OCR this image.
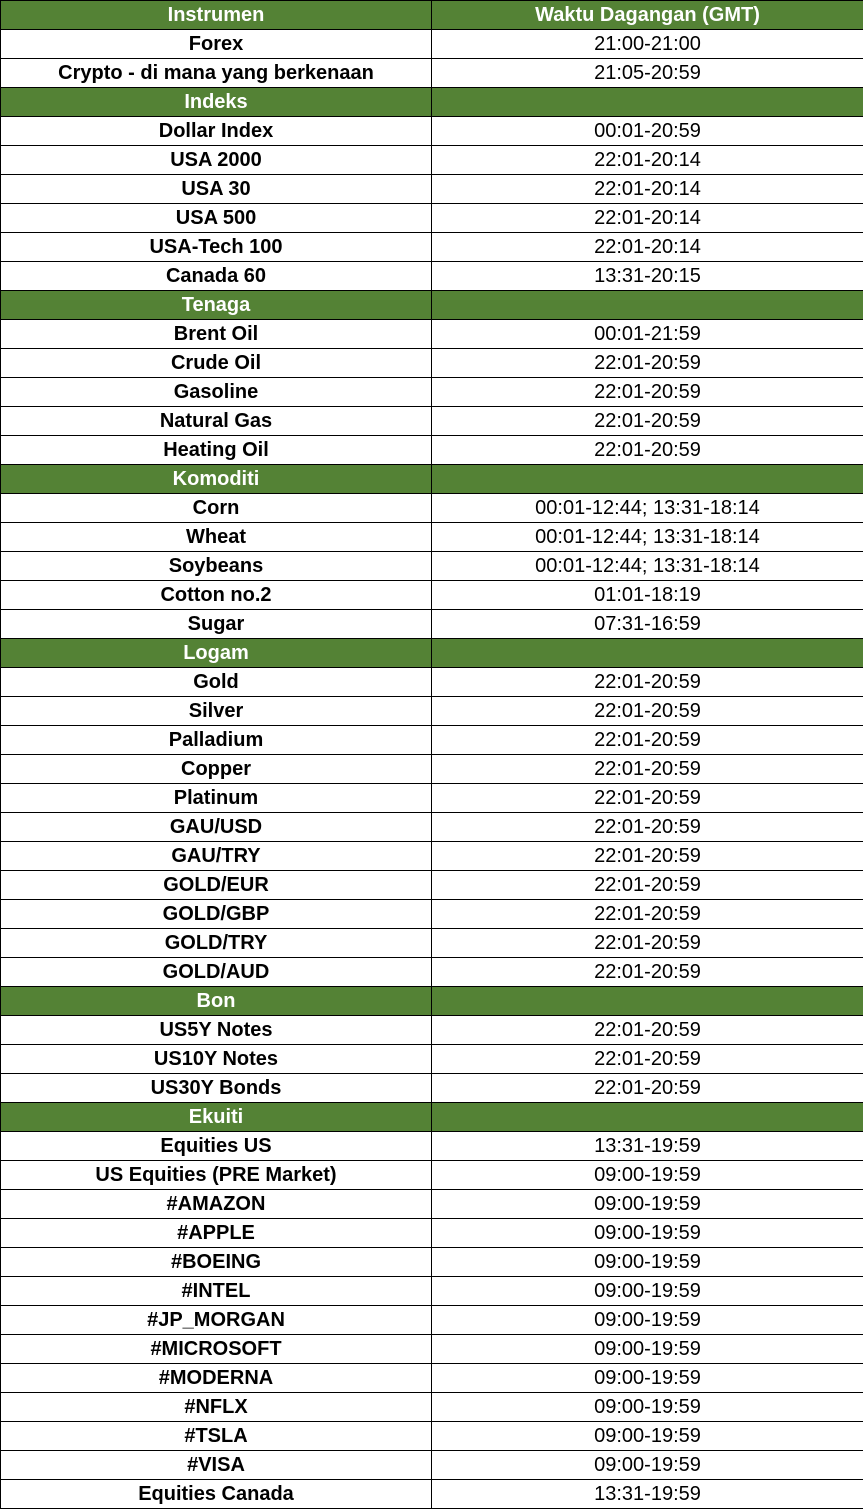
Instrumen	Waktu Dagangan (GMT)
Forex	21:00-21:00
Crypto - di mana yang berkenaan	21:05-20:59
Indeks	
Dollar Index	00:01-20:59
USA 2000	22:01-20:14
USA 30	22:01-20:14
USA 500	22:01-20:14
USA-Tech 100	22:01-20:14
Canada 60	13:31-20:15
Tenaga	
Brent Oil	00:01-21:59
Crude Oil	22:01-20:59
Gasoline	22:01-20:59
Natural Gas	22:01-20:59
Heating Oil	22:01-20:59
Komoditi	
Corn	00:01-12:44; 13:31-18:14
Wheat	00:01-12:44; 13:31-18:14
Soybeans	00:01-12:44; 13:31-18:14
Cotton no.2	01:01-18:19
Sugar	07:31-16:59
Logam	
Gold	22:01-20:59
Silver	22:01-20:59
Palladium	22:01-20:59
Copper	22:01-20:59
Platinum	22:01-20:59
GAU/USD	22:01-20:59
GAU/TRY	22:01-20:59
GOLD/EUR	22:01-20:59
GOLD/GBP	22:01-20:59
GOLD/TRY	22:01-20:59
GOLD/AUD	22:01-20:59
Bon	
US5Y Notes	22:01-20:59
US10Y Notes	22:01-20:59
US30Y Bonds	22:01-20:59
Ekuiti	
Equities US	13:31-19:59
US Equities (PRE Market)	09:00-19:59
#AMAZON	09:00-19:59
#APPLE	09:00-19:59
#BOEING	09:00-19:59
#INTEL	09:00-19:59
#JP_MORGAN	09:00-19:59
#MICROSOFT	09:00-19:59
#MODERNA	09:00-19:59
#NFLX	09:00-19:59
#TSLA	09:00-19:59
#VISA	09:00-19:59
Equities Canada	13:31-19:59
